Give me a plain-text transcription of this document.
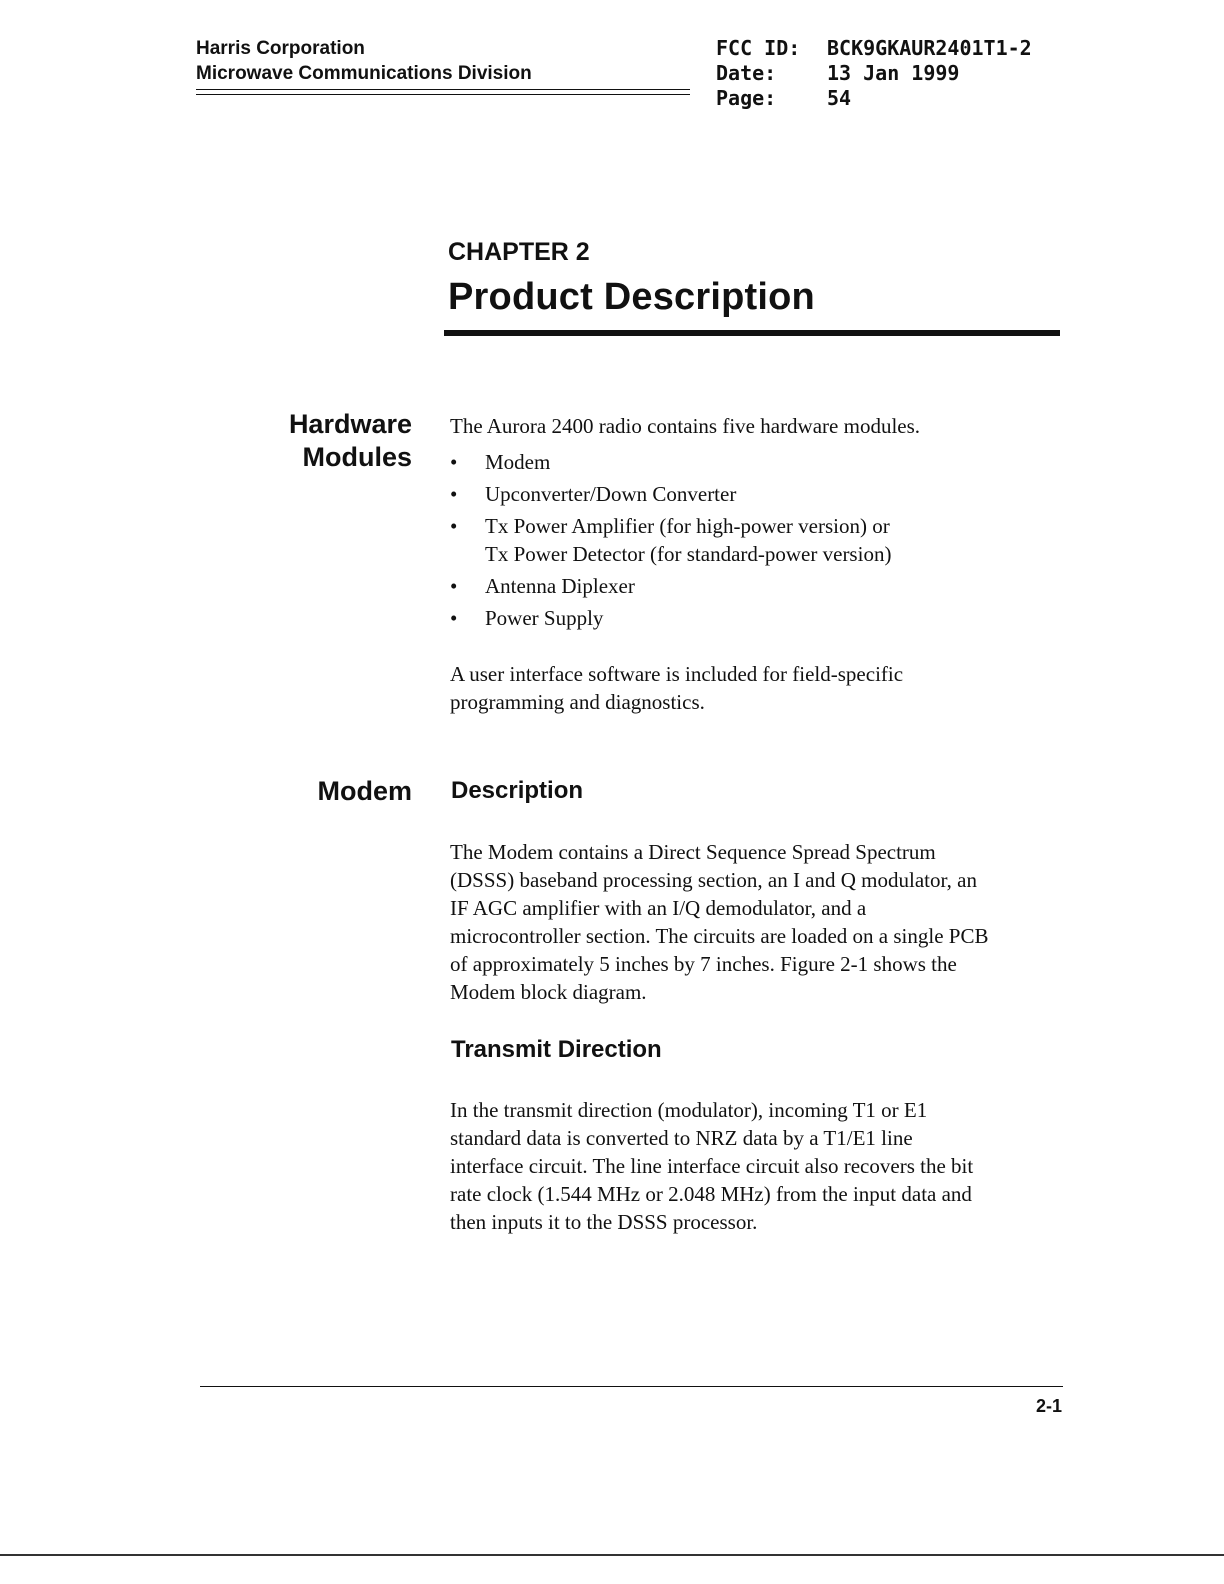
Harris Corporation
Microwave Communications Division
FCC ID:	BCK9GKAUR2401T1-2
Date:	13 Jan 1999
Page:	54
CHAPTER 2
Product Description
Hardware
Modules
The Aurora 2400 radio contains five hardware modules.
• Modem
• Upconverter/Down Converter
• Tx Power Amplifier (for high-power version) or
Tx Power Detector (for standard-power version)
• Antenna Diplexer
• Power Supply
A user interface software is included for field-specific
programming and diagnostics.
Modem Description
The Modem contains a Direct Sequence Spread Spectrum
(DSSS) baseband processing section, an I and Q modulator, an
IF AGC amplifier with an I/Q demodulator, and a
microcontroller section. The circuits are loaded on a single PCB
of approximately 5 inches by 7 inches. Figure 2-1 shows the
Modem block diagram.
Transmit Direction
In the transmit direction (modulator), incoming T1 or E1
standard data is converted to NRZ data by a T1/E1 line
interface circuit. The line interface circuit also recovers the bit
rate clock (1.544 MHz or 2.048 MHz) from the input data and
then inputs it to the DSSS processor.
2-1
